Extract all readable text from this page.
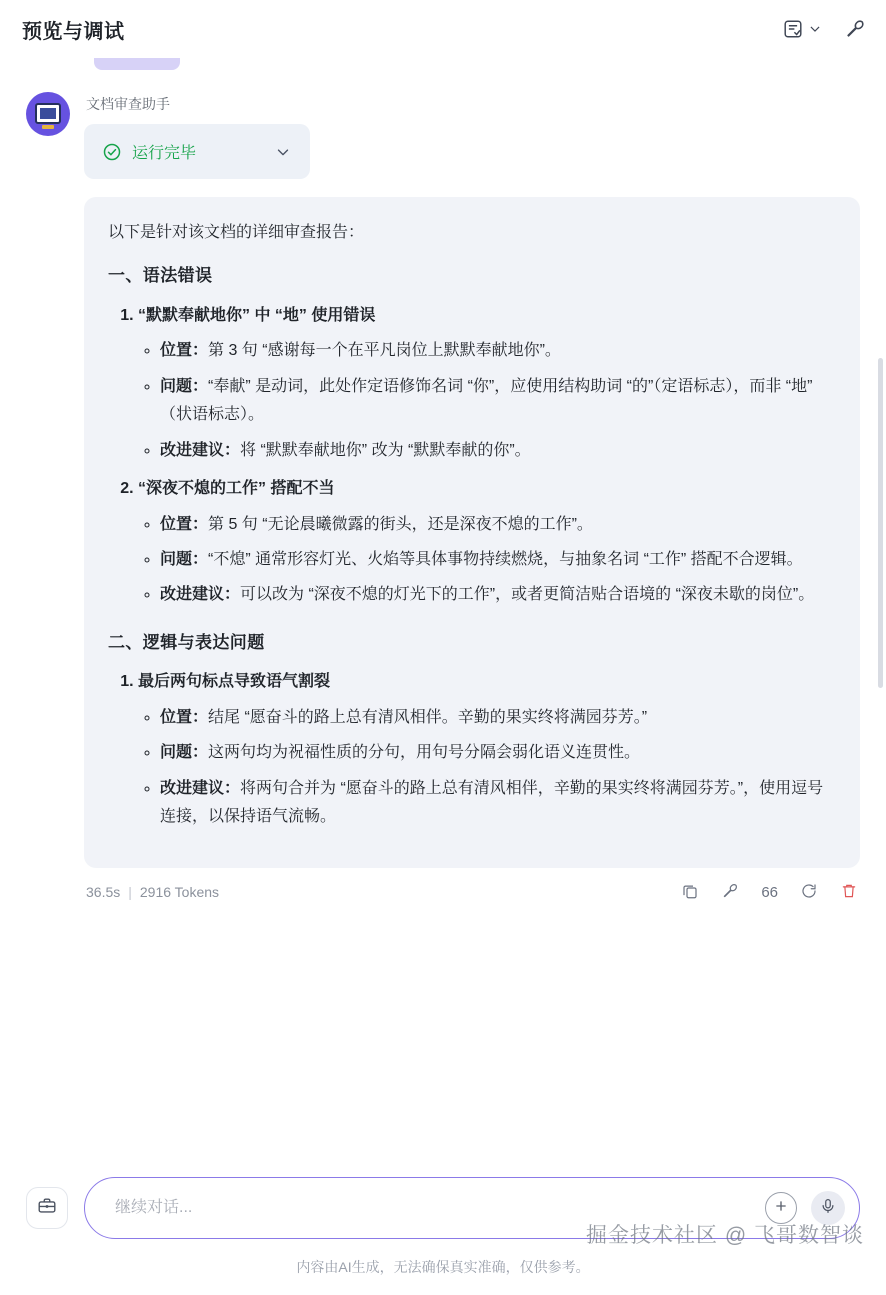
预览与调试
文档审查助手
运行完毕

以下是针对该文档的详细审查报告：

一、语法错误
1. “默默奉献地你” 中 “地” 使用错误
◦ 位置：第 3 句 “感谢每一个在平凡岗位上默默奉献地你”。
◦ 问题：“奉献” 是动词，此处作定语修饰名词 “你”，应使用结构助词 “的”（定语标志），而非 “地”（状语标志）。
◦ 改进建议：将 “默默奉献地你” 改为 “默默奉献的你”。
2. “深夜不熄的工作” 搭配不当
◦ 位置：第 5 句 “无论晨曦微露的街头，还是深夜不熄的工作”。
◦ 问题：“不熄” 通常形容灯光、火焰等具体事物持续燃烧，与抽象名词 “工作” 搭配不合逻辑。
◦ 改进建议：可以改为 “深夜不熄的灯光下的工作”，或者更简洁贴合语境的 “深夜未歇的岗位”。
二、逻辑与表达问题
1. 最后两句标点导致语气割裂
◦ 位置：结尾 “愿奋斗的路上总有清风相伴。辛勤的果实终将满园芬芳。”
◦ 问题：这两句均为祝福性质的分句，用句号分隔会弱化语义连贯性。
◦ 改进建议：将两句合并为 “愿奋斗的路上总有清风相伴，辛勤的果实终将满园芬芳。”，使用逗号连接，以保持语气流畅。
36.5s | 2916 Tokens	66
继续对话...
内容由AI生成，无法确保真实准确，仅供参考。
掘金技术社区 @ 飞哥数智谈
